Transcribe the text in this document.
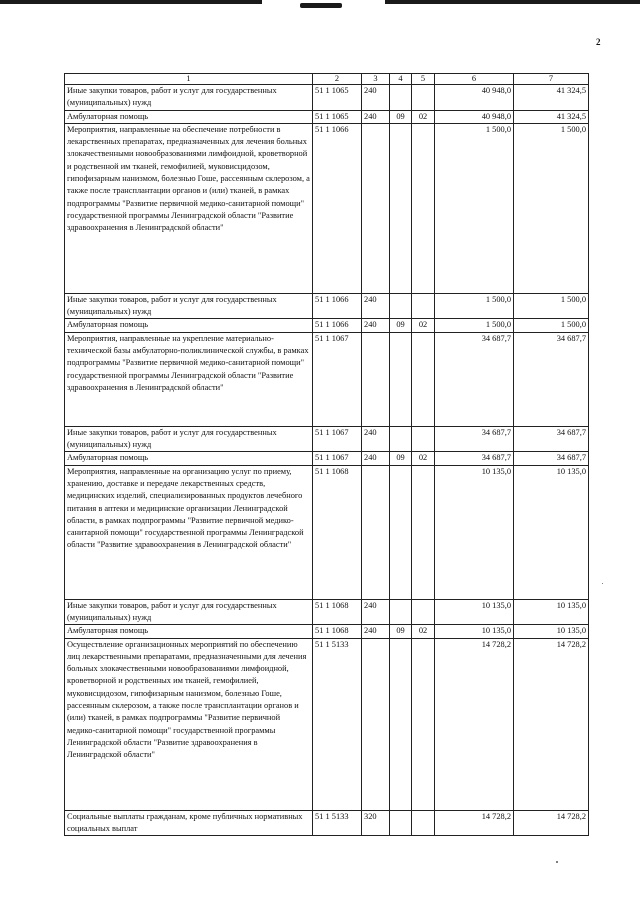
2
1	2	3	4	5	6	7
Иные закупки товаров, работ и услуг для государственных (муниципальных) нужд	51 1 1065	240			40 948,0	41 324,5
Амбулаторная помощь	51 1 1065	240	09	02	40 948,0	41 324,5
Мероприятия, направленные на обеспечение потребности в лекарственных препаратах, предназначенных для лечения больных злокачественными новообразованиями лимфоидной, кроветворной и родственной им тканей, гемофилией, муковисцидозом, гипофизарным нанизмом, болезнью Гоше, рассеянным склерозом, а также после трансплантации органов и (или) тканей, в рамках подпрограммы "Развитие первичной медико-санитарной помощи" государственной программы Ленинградской области "Развитие здравоохранения в Ленинградской области"	51 1 1066				1 500,0	1 500,0
Иные закупки товаров, работ и услуг для государственных (муниципальных) нужд	51 1 1066	240			1 500,0	1 500,0
Амбулаторная помощь	51 1 1066	240	09	02	1 500,0	1 500,0
Мероприятия, направленные на укрепление материально-технической базы амбулаторно-поликлинической службы, в рамках подпрограммы "Развитие первичной медико-санитарной помощи" государственной программы Ленинградской области "Развитие здравоохранения в Ленинградской области"	51 1 1067				34 687,7	34 687,7
Иные закупки товаров, работ и услуг для государственных (муниципальных) нужд	51 1 1067	240			34 687,7	34 687,7
Амбулаторная помощь	51 1 1067	240	09	02	34 687,7	34 687,7
Мероприятия, направленные на организацию услуг по приему, хранению, доставке и передаче лекарственных средств, медицинских изделий, специализированных продуктов лечебного питания в аптеки и медицинские организации Ленинградской области, в рамках подпрограммы "Развитие первичной медико-санитарной помощи" государственной программы Ленинградской области "Развитие здравоохранения в Ленинградской области"	51 1 1068				10 135,0	10 135,0
Иные закупки товаров, работ и услуг для государственных (муниципальных) нужд	51 1 1068	240			10 135,0	10 135,0
Амбулаторная помощь	51 1 1068	240	09	02	10 135,0	10 135,0
Осуществление организационных мероприятий по обеспечению лиц лекарственными препаратами, предназначенными для лечения больных злокачественными новообразованиями лимфоидной, кроветворной и родственных им тканей, гемофилией, муковисцидозом, гипофизарным нанизмом, болезнью Гоше, рассеянным склерозом, а также после трансплантации органов и (или) тканей, в рамках подпрограммы "Развитие первичной медико-санитарной помощи" государственной программы Ленинградской области "Развитие здравоохранения в Ленинградской области"	51 1 5133				14 728,2	14 728,2
Социальные выплаты гражданам, кроме публичных нормативных социальных выплат	51 1 5133	320			14 728,2	14 728,2
